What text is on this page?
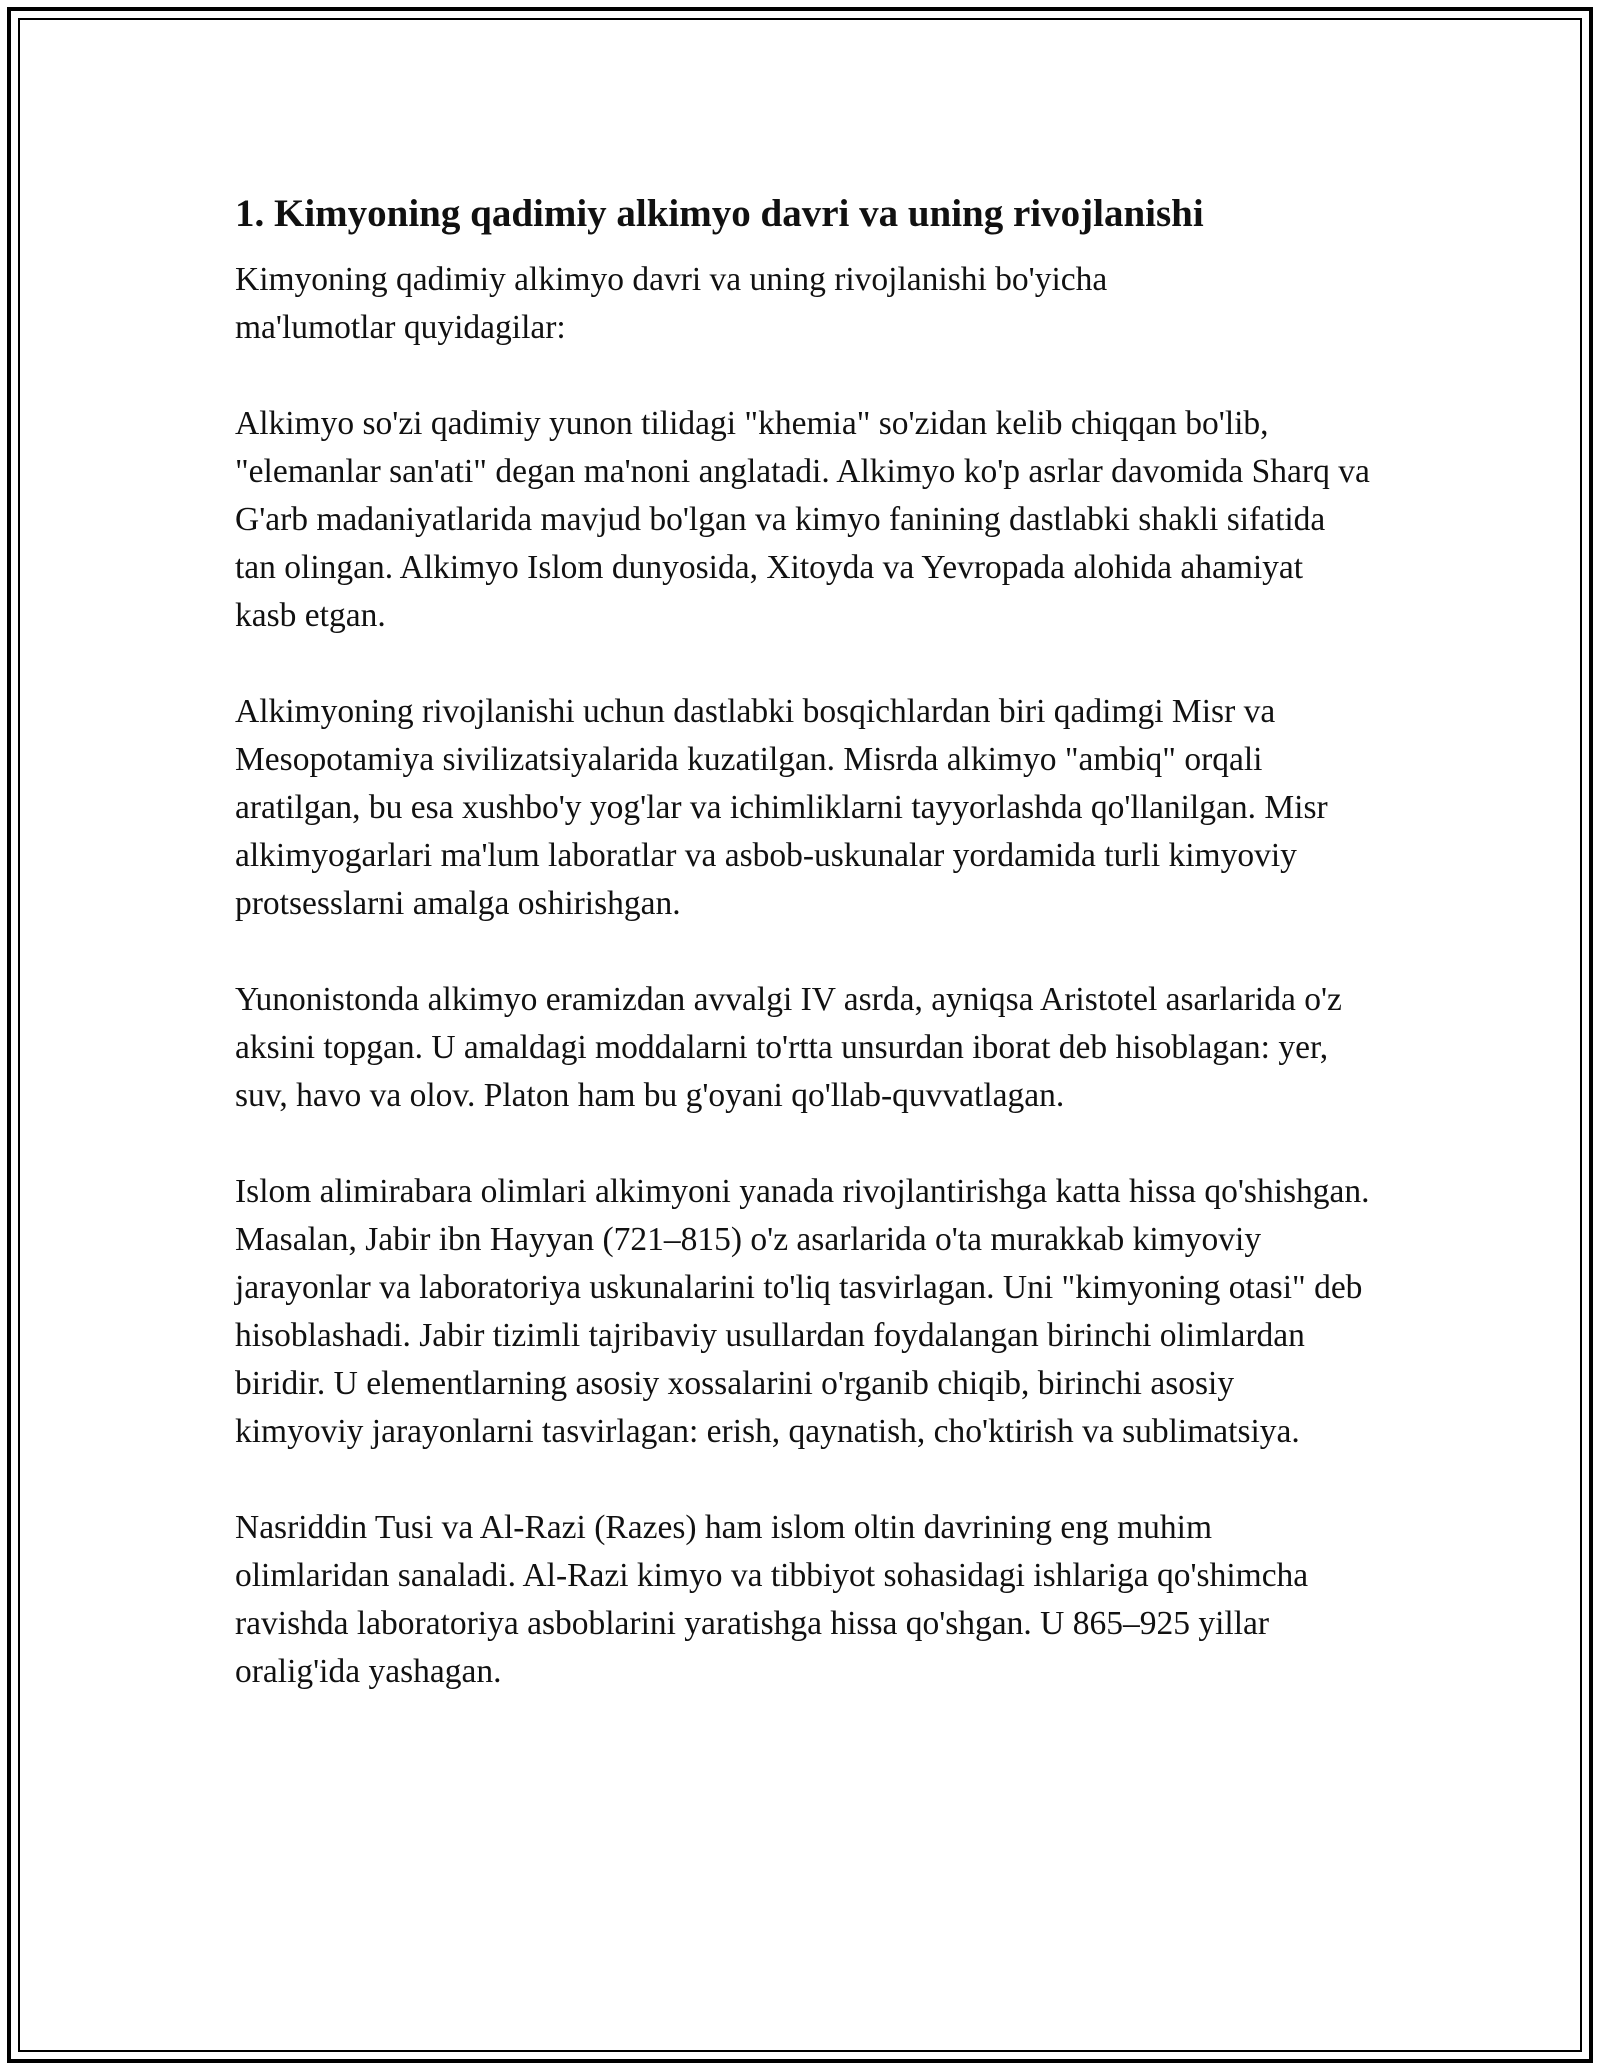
1. Kimyoning qadimiy alkimyo davri va uning rivojlanishi

Kimyoning qadimiy alkimyo davri va uning rivojlanishi bo'yicha ma'lumotlar quyidagilar:

Alkimyo so'zi qadimiy yunon tilidagi "khemia" so'zidan kelib chiqqan bo'lib, "elemanlar san'ati" degan ma'noni anglatadi. Alkimyo ko'p asrlar davomida Sharq va G'arb madaniyatlarida mavjud bo'lgan va kimyo fanining dastlabki shakli sifatida tan olingan. Alkimyo Islom dunyosida, Xitoyda va Yevropada alohida ahamiyat kasb etgan.

Alkimyoning rivojlanishi uchun dastlabki bosqichlardan biri qadimgi Misr va Mesopotamiya sivilizatsiyalarida kuzatilgan. Misrda alkimyo "ambiq" orqali aratilgan, bu esa xushbo'y yog'lar va ichimliklarni tayyorlashda qo'llanilgan. Misr alkimyogarlari ma'lum laboratlar va asbob-uskunalar yordamida turli kimyoviy protsesslarni amalga oshirishgan.

Yunonistonda alkimyo eramizdan avvalgi IV asrda, ayniqsa Aristotel asarlarida o'z aksini topgan. U amaldagi moddalarni to'rtta unsurdan iborat deb hisoblagan: yer, suv, havo va olov. Platon ham bu g'oyani qo'llab-quvvatlagan.

Islom alimirabara olimlari alkimyoni yanada rivojlantirishga katta hissa qo'shishgan. Masalan, Jabir ibn Hayyan (721–815) o'z asarlarida o'ta murakkab kimyoviy jarayonlar va laboratoriya uskunalarini to'liq tasvirlagan. Uni "kimyoning otasi" deb hisoblashadi. Jabir tizimli tajribaviy usullardan foydalangan birinchi olimlardan biridir. U elementlarning asosiy xossalarini o'rganib chiqib, birinchi asosiy kimyoviy jarayonlarni tasvirlagan: erish, qaynatish, cho'ktirish va sublimatsiya.

Nasriddin Tusi va Al-Razi (Razes) ham islom oltin davrining eng muhim olimlaridan sanaladi. Al-Razi kimyo va tibbiyot sohasidagi ishlariga qo'shimcha ravishda laboratoriya asboblarini yaratishga hissa qo'shgan. U 865–925 yillar oralig'ida yashagan.
